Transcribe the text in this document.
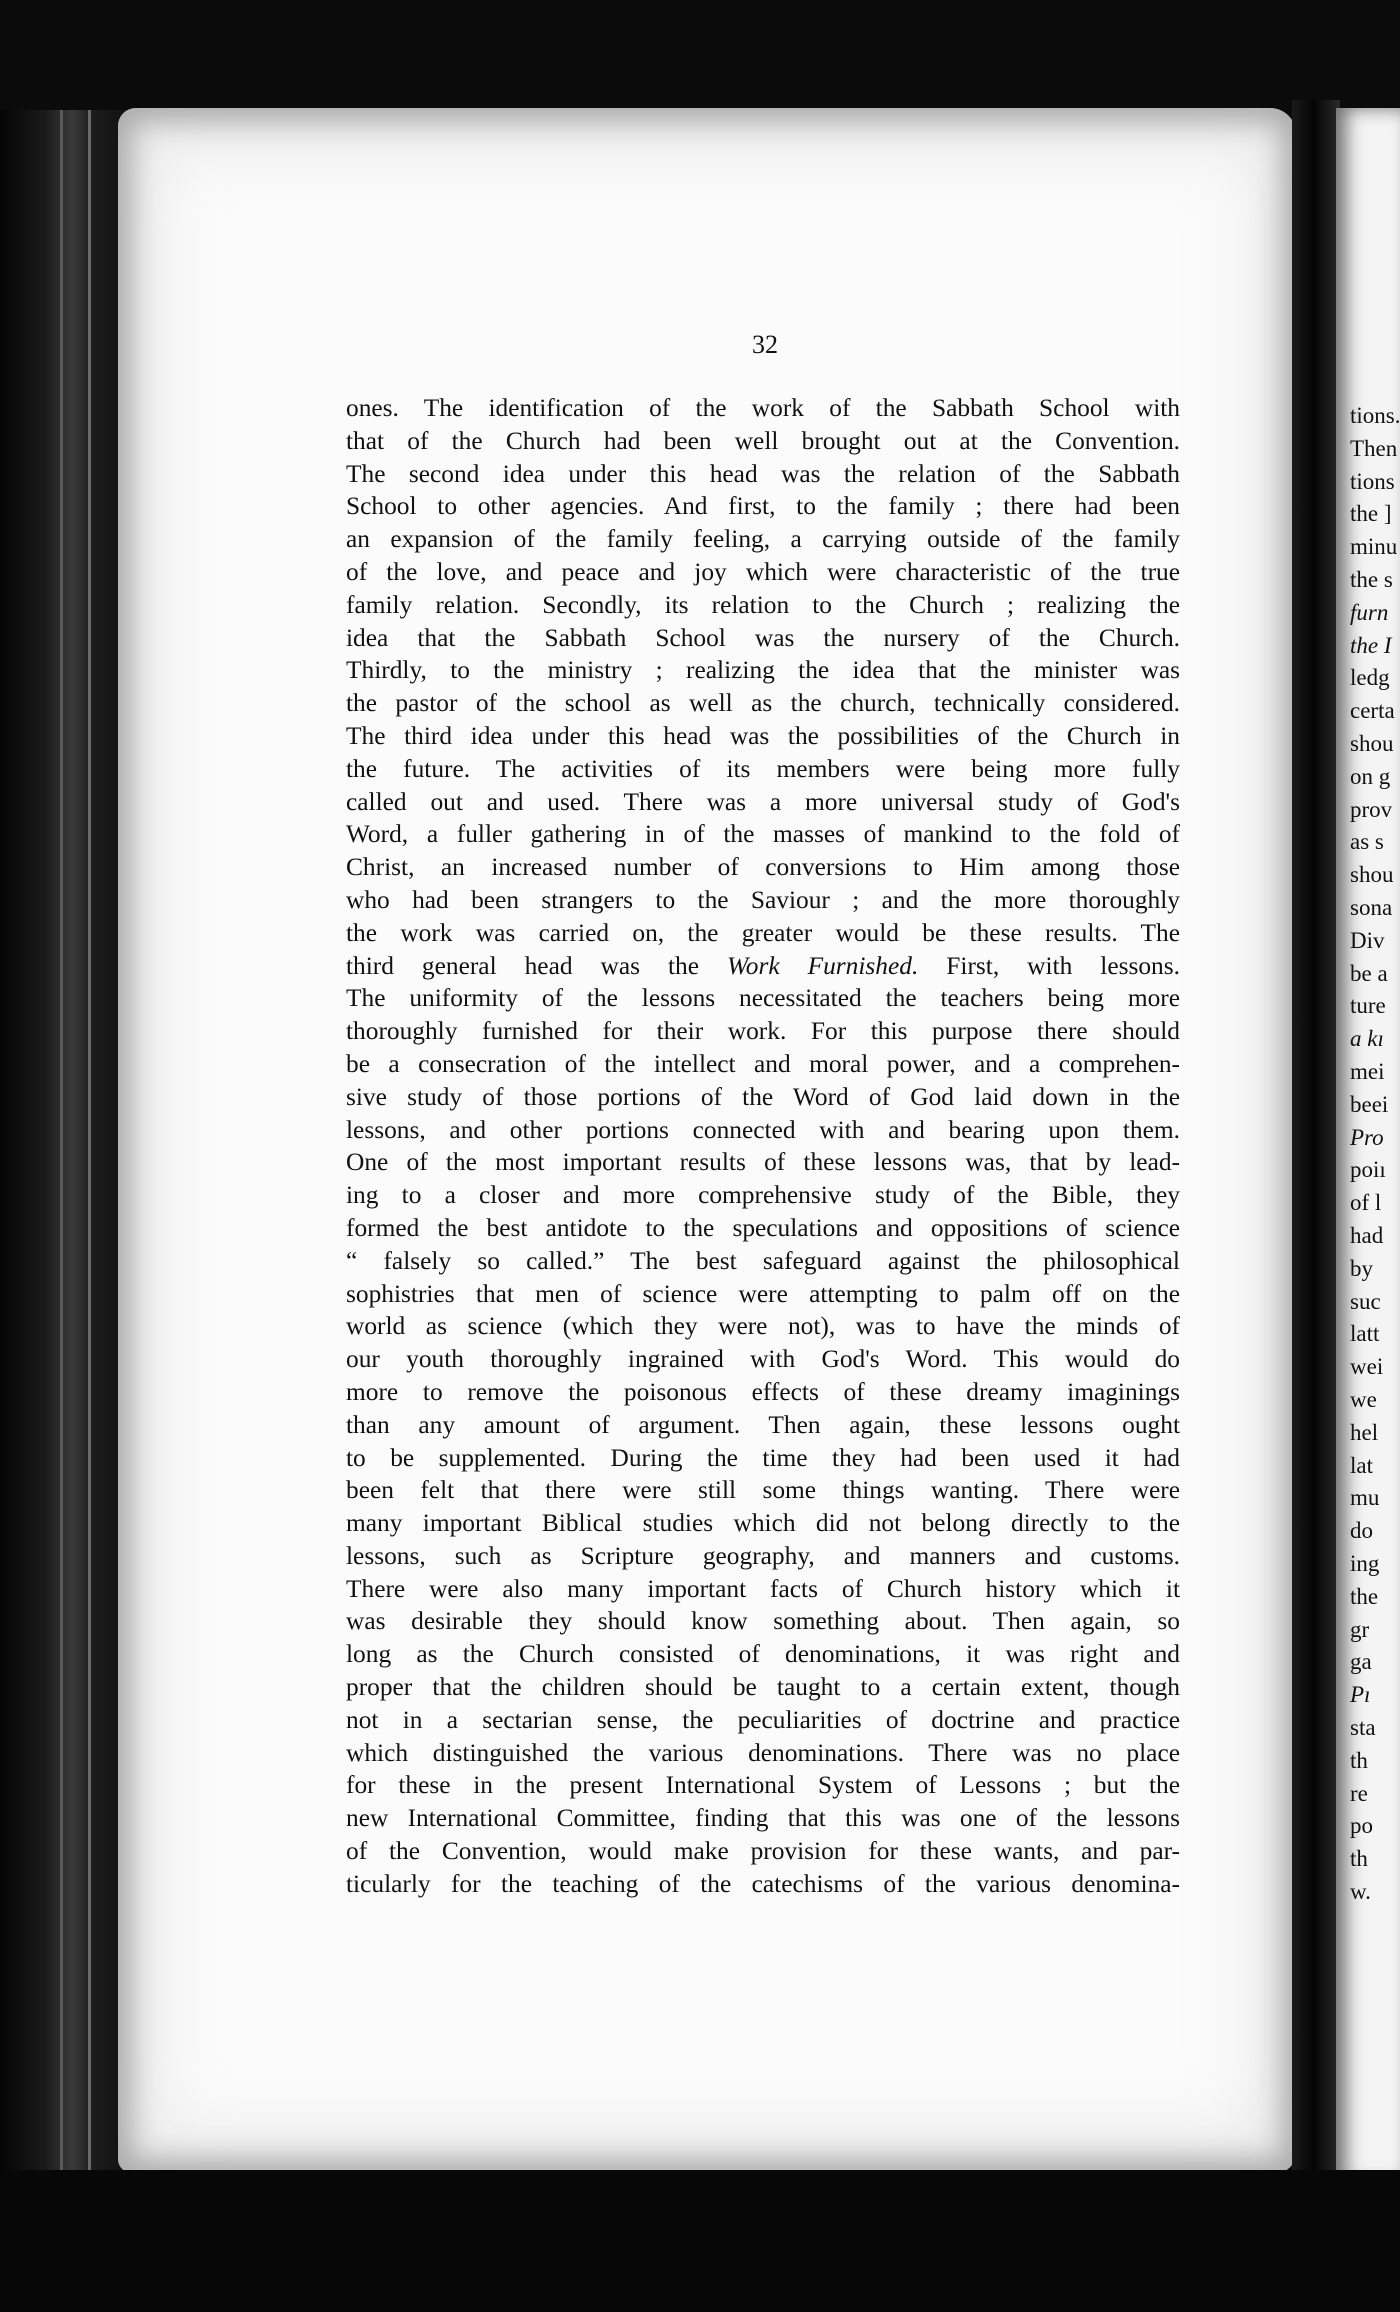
32
ones. The identification of the work of the Sabbath School with
that of the Church had been well brought out at the Convention.
The second idea under this head was the relation of the Sabbath
School to other agencies. And first, to the family ; there had been
an expansion of the family feeling, a carrying outside of the family
of the love, and peace and joy which were characteristic of the true
family relation. Secondly, its relation to the Church ; realizing the
idea that the Sabbath School was the nursery of the Church.
Thirdly, to the ministry ; realizing the idea that the minister was
the pastor of the school as well as the church, technically considered.
The third idea under this head was the possibilities of the Church in
the future. The activities of its members were being more fully
called out and used. There was a more universal study of God's
Word, a fuller gathering in of the masses of mankind to the fold of
Christ, an increased number of conversions to Him among those
who had been strangers to the Saviour ; and the more thoroughly
the work was carried on, the greater would be these results. The
third general head was the Work Furnished. First, with lessons.
The uniformity of the lessons necessitated the teachers being more
thoroughly furnished for their work. For this purpose there should
be a consecration of the intellect and moral power, and a comprehen-
sive study of those portions of the Word of God laid down in the
lessons, and other portions connected with and bearing upon them.
One of the most important results of these lessons was, that by lead-
ing to a closer and more comprehensive study of the Bible, they
formed the best antidote to the speculations and oppositions of science
“ falsely so called.” The best safeguard against the philosophical
sophistries that men of science were attempting to palm off on the
world as science (which they were not), was to have the minds of
our youth thoroughly ingrained with God's Word. This would do
more to remove the poisonous effects of these dreamy imaginings
than any amount of argument. Then again, these lessons ought
to be supplemented. During the time they had been used it had
been felt that there were still some things wanting. There were
many important Biblical studies which did not belong directly to the
lessons, such as Scripture geography, and manners and customs.
There were also many important facts of Church history which it
was desirable they should know something about. Then again, so
long as the Church consisted of denominations, it was right and
proper that the children should be taught to a certain extent, though
not in a sectarian sense, the peculiarities of doctrine and practice
which distinguished the various denominations. There was no place
for these in the present International System of Lessons ; but the
new International Committee, finding that this was one of the lessons
of the Convention, would make provision for these wants, and par-
ticularly for the teaching of the catechisms of the various denomina-
tions.
Then
tions
the ]
minu
the s
furn
the I
ledg
certa
shou
on g
prov
as s
shou
sona
Div
be a
ture
a kı
mei
beei
Pro
poiı
of l
had
by
suc
latt
wei
we
hel
lat
mu
do
ing
the
gr
ga
Pı
sta
th
re
po
th
w.
